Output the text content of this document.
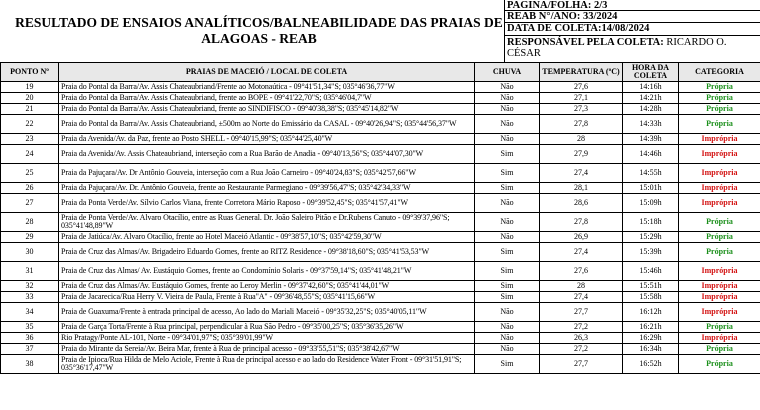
RESULTADO DE ENSAIOS ANALÍTICOS/BALNEABILIDADE DAS PRAIAS DE
ALAGOAS - REAB
PAGINA/FOLHA: 2/3
REAB N°/ANO: 33/2024
DATA DE COLETA:14/08/2024
RESPONSÁVEL PELA COLETA: RICARDO O. CÉSAR
PONTO Nº	PRAIAS DE MACEIÓ / LOCAL DE COLETA	CHUVA	TEMPERATURA (ºC)	HORA DA COLETA	CATEGORIA
19	Praia do Pontal da Barra/Av. Assis Chateaubriand/Frente ao Motonaútica - 09°41'51,34"S; 035°46'36,77"W	Não	27,6	14:16h	Própria
20	Praia do Pontal da Barra/Av. Assis Chateaubriand, frente ao BOPE - 09°41'22,70"S; 035°46'04,7"W	Não	27,1	14:21h	Própria
21	Praia do Pontal da Barra/Av. Assis Chateaubriand, frente ao SINDIFISCO - 09°40'38,38"S; 035°45'14,82"W	Não	27,3	14:28h	Própria
22	Praia do Pontal da Barra/Av. Assis Chateaubriand, ±500m ao Norte do Emissário da CASAL - 09°40'26,94"S; 035°44'56,37"W	Não	27,8	14:33h	Própria
23	Praia da Avenida/Av. da Paz, frente ao Posto SHELL - 09°40'15,99"S; 035°44'25,40"W	Não	28	14:39h	Imprópria
24	Praia da Avenida/Av. Assis Chateaubriand, interseção com a Rua Barão de Anadia - 09°40'13,56"S; 035°44'07,30"W	Sim	27,9	14:46h	Imprópria
25	Praia da Pajuçara/Av. Dr Antônio Gouveia, interseção com a Rua João Carneiro - 09°40'24,83"S; 035°42'57,66"W	Sim	27,4	14:55h	Imprópria
26	Praia da Pajuçara/Av. Dr. Antônio Gouveia, frente ao Restaurante Parmegiano - 09°39'56,47"S; 035°42'34,33"W	Sim	28,1	15:01h	Imprópria
27	Praia da Ponta Verde/Av. Sílvio Carlos Viana, frente Corretora Mário Raposo - 09°39'52,45"S; 035°41'57,41"W	Não	28,6	15:09h	Imprópria
28	Praia de Ponta Verde/Av. Alvaro Otacílio, entre as Ruas General. Dr. João Saleiro Pitão e Dr.Rubens Canuto - 09°39'37,96"S; 035°41'48,89"W	Não	27,8	15:18h	Própria
29	Praia de Jatiúca/Av. Alvaro Otacílio, frente ao Hotel Maceió Atlantic - 09°38'57,10"S; 035°42'59,30"W	Não	26,9	15:29h	Própria
30	Praia de Cruz das Almas/Av. Brigadeiro Eduardo Gomes, frente ao RITZ Residence - 09°38'18,60"S; 035°41'53,53"W	Sim	27,4	15:39h	Própria
31	Praia de Cruz das Almas/ Av. Eustáquio Gomes, frente ao Condomínio Solaris - 09°37'59,14"S; 035°41'48,21"W	Sim	27,6	15:46h	Imprópria
32	Praia de Cruz das Almas/Av. Eustáquio Gomes, frente ao Leroy Merlin - 09°37'42,60"S; 035°41'44,01"W	Sim	28	15:51h	Imprópria
33	Praia de Jacarecica/Rua Herry V. Vieira de Paula, Frente à Rua"A" - 09°36'48,55"S; 035°41'15,66"W	Sim	27,4	15:58h	Imprópria
34	Praia de Guaxuma/Frente à entrada principal de acesso, Ao lado do Mariali Maceió - 09°35'32,25"S; 035°40'05,11"W	Não	27,7	16:12h	Imprópria
35	Praia de Garça Torta/Frente à Rua principal, perpendicular à Rua São Pedro - 09°35'00,25"S; 035°36'35,26"W	Não	27,2	16:21h	Própria
36	Rio Pratagy/Ponte AL-101, Norte - 09°34'01,97"S; 035°39'01,99"W	Não	26,3	16:29h	Imprópria
37	Praia do Mirante da Sereia/Av. Beira Mar, frente à Rua de principal acesso - 09°33'55,51"S; 035°38'42,67"W	Não	27,2	16:34h	Própria
38	Praia de Ipioca/Rua Hilda de Melo Aciole, Frente à Rua de principal acesso e ao lado do Residence Water Front - 09°31'51,91"S; 035°36'17,47"W	Sim	27,7	16:52h	Própria
